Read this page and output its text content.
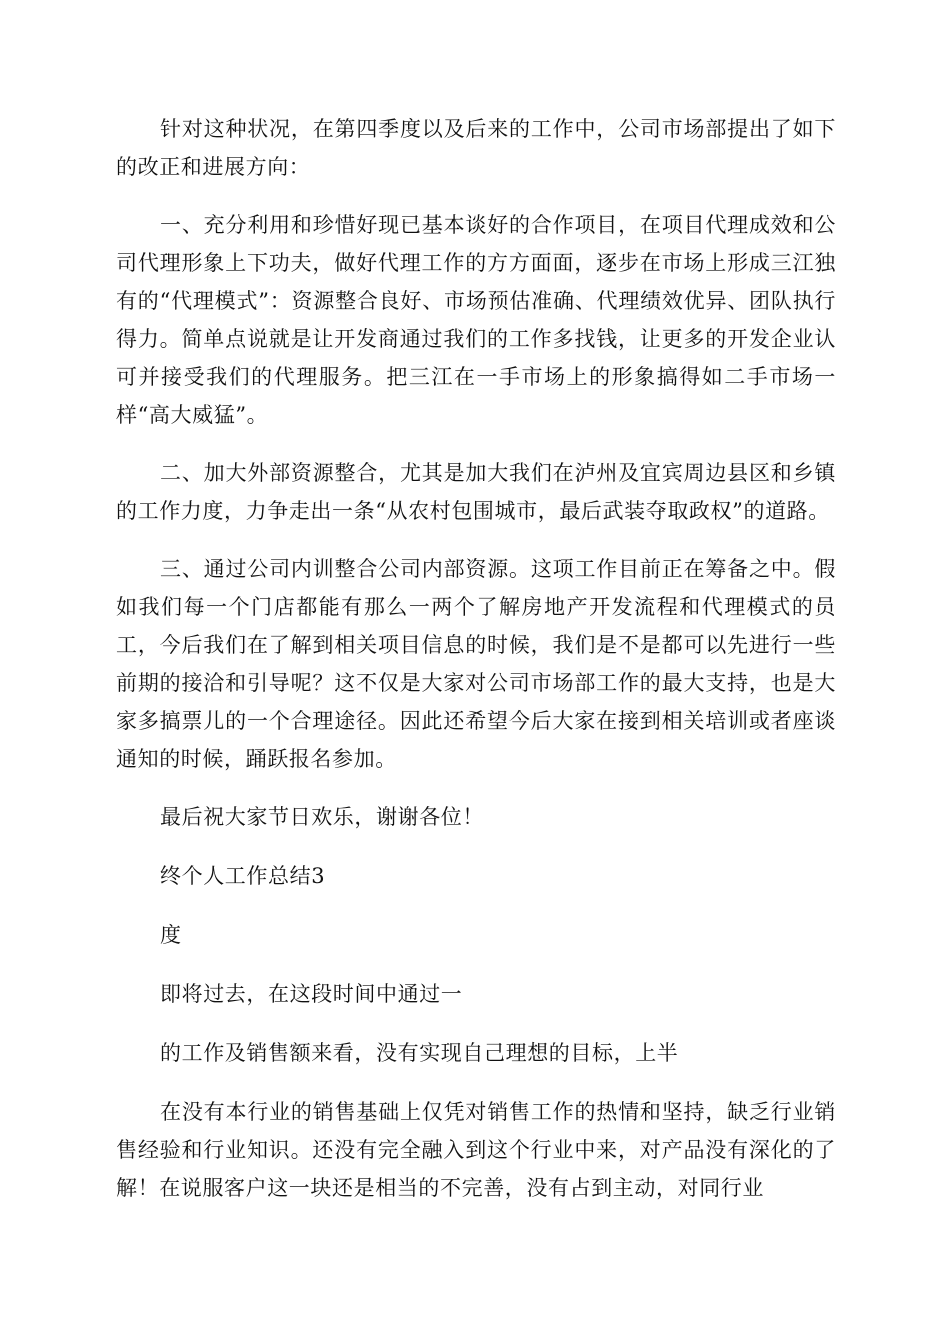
针对这种状况，在第四季度以及后来的工作中，公司市场部提出了如下的改正和进展方向：

一、充分利用和珍惜好现已基本谈好的合作项目，在项目代理成效和公司代理形象上下功夫，做好代理工作的方方面面，逐步在市场上形成三江独有的“代理模式”：资源整合良好、市场预估准确、代理绩效优异、团队执行得力。简单点说就是让开发商通过我们的工作多找钱，让更多的开发企业认可并接受我们的代理服务。把三江在一手市场上的形象搞得如二手市场一样“高大威猛”。

二、加大外部资源整合，尤其是加大我们在泸州及宜宾周边县区和乡镇的工作力度，力争走出一条“从农村包围城市，最后武装夺取政权”的道路。

三、通过公司内训整合公司内部资源。这项工作目前正在筹备之中。假如我们每一个门店都能有那么一两个了解房地产开发流程和代理模式的员工，今后我们在了解到相关项目信息的时候，我们是不是都可以先进行一些前期的接洽和引导呢？这不仅是大家对公司市场部工作的最大支持，也是大家多搞票儿的一个合理途径。因此还希望今后大家在接到相关培训或者座谈通知的时候，踊跃报名参加。

最后祝大家节日欢乐，谢谢各位！

终个人工作总结3

度

即将过去，在这段时间中通过一

的工作及销售额来看，没有实现自己理想的目标，上半

在没有本行业的销售基础上仅凭对销售工作的热情和坚持，缺乏行业销售经验和行业知识。还没有完全融入到这个行业中来，对产品没有深化的了解！在说服客户这一块还是相当的不完善，没有占到主动，对同行业
